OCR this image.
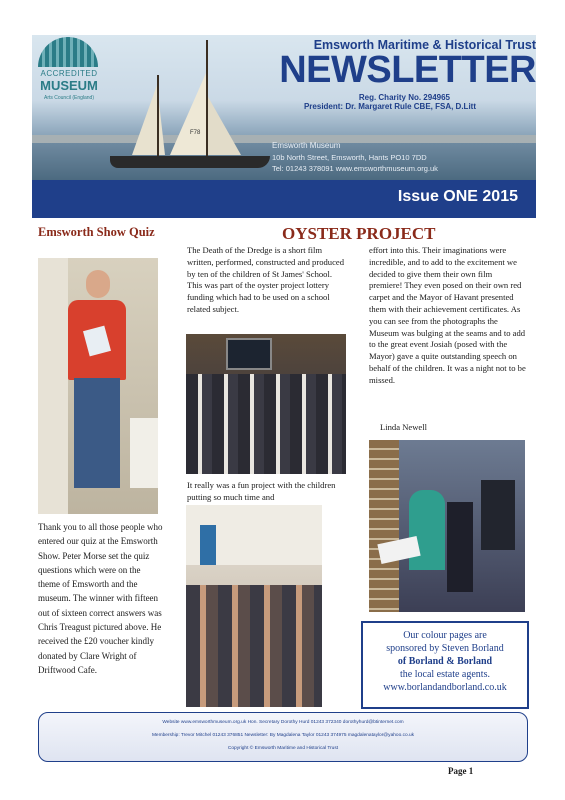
F78
ACCREDITED
MUSEUM
Arts Council (England)
Emsworth Maritime & Historical Trust
NEWSLETTER
Reg. Charity No. 294965
President: Dr. Margaret Rule CBE, FSA, D.Litt
Emsworth Museum
10b North Street, Emsworth, Hants PO10 7DD
Tel: 01243 378091 www.emsworthmuseum.org.uk
Issue ONE 2015
Emsworth Show Quiz
Thank you to all those people who entered our quiz at the Emsworth Show. Peter Morse set the quiz questions which were on the theme of Emsworth and the museum. The winner with fifteen out of sixteen correct answers was Chris Treagust pictured above. He received the £20 voucher kindly donated by Clare Wright of Driftwood Cafe.
OYSTER PROJECT
The Death of the Dredge is a short film written, performed, constructed and produced by ten of the children of St James' School. This was part of the oyster project lottery funding which had to be used on a school related subject.
It really was a fun project with the children putting so much time and
effort into this. Their imaginations were incredible, and to add to the excitement we decided to give them their own film premiere! They even posed on their own red carpet and the Mayor of Havant presented them with their achievement certificates. As you can see from the photographs the Museum was bulging at the seams and to add to the great event Josiah (posed with the Mayor) gave a quite outstanding speech on behalf of the children. It was a night not to be missed.
Linda Newell
Our colour pages are
sponsored by Steven Borland
of Borland & Borland
the local estate agents.
www.borlandandborland.co.uk
Website www.emsworthmuseum.org.uk Hon. Secretary Dorothy Hurd 01243 372340 dorothyhurd@btinternet.com
Membership: Trevor Mitchel 01243 376851 Newsletter: By Magdalena Taylor 01243 374975 magdalenataylor@yahoo.co.uk
Copyright © Emsworth Maritime and Historical Trust
Page 1
